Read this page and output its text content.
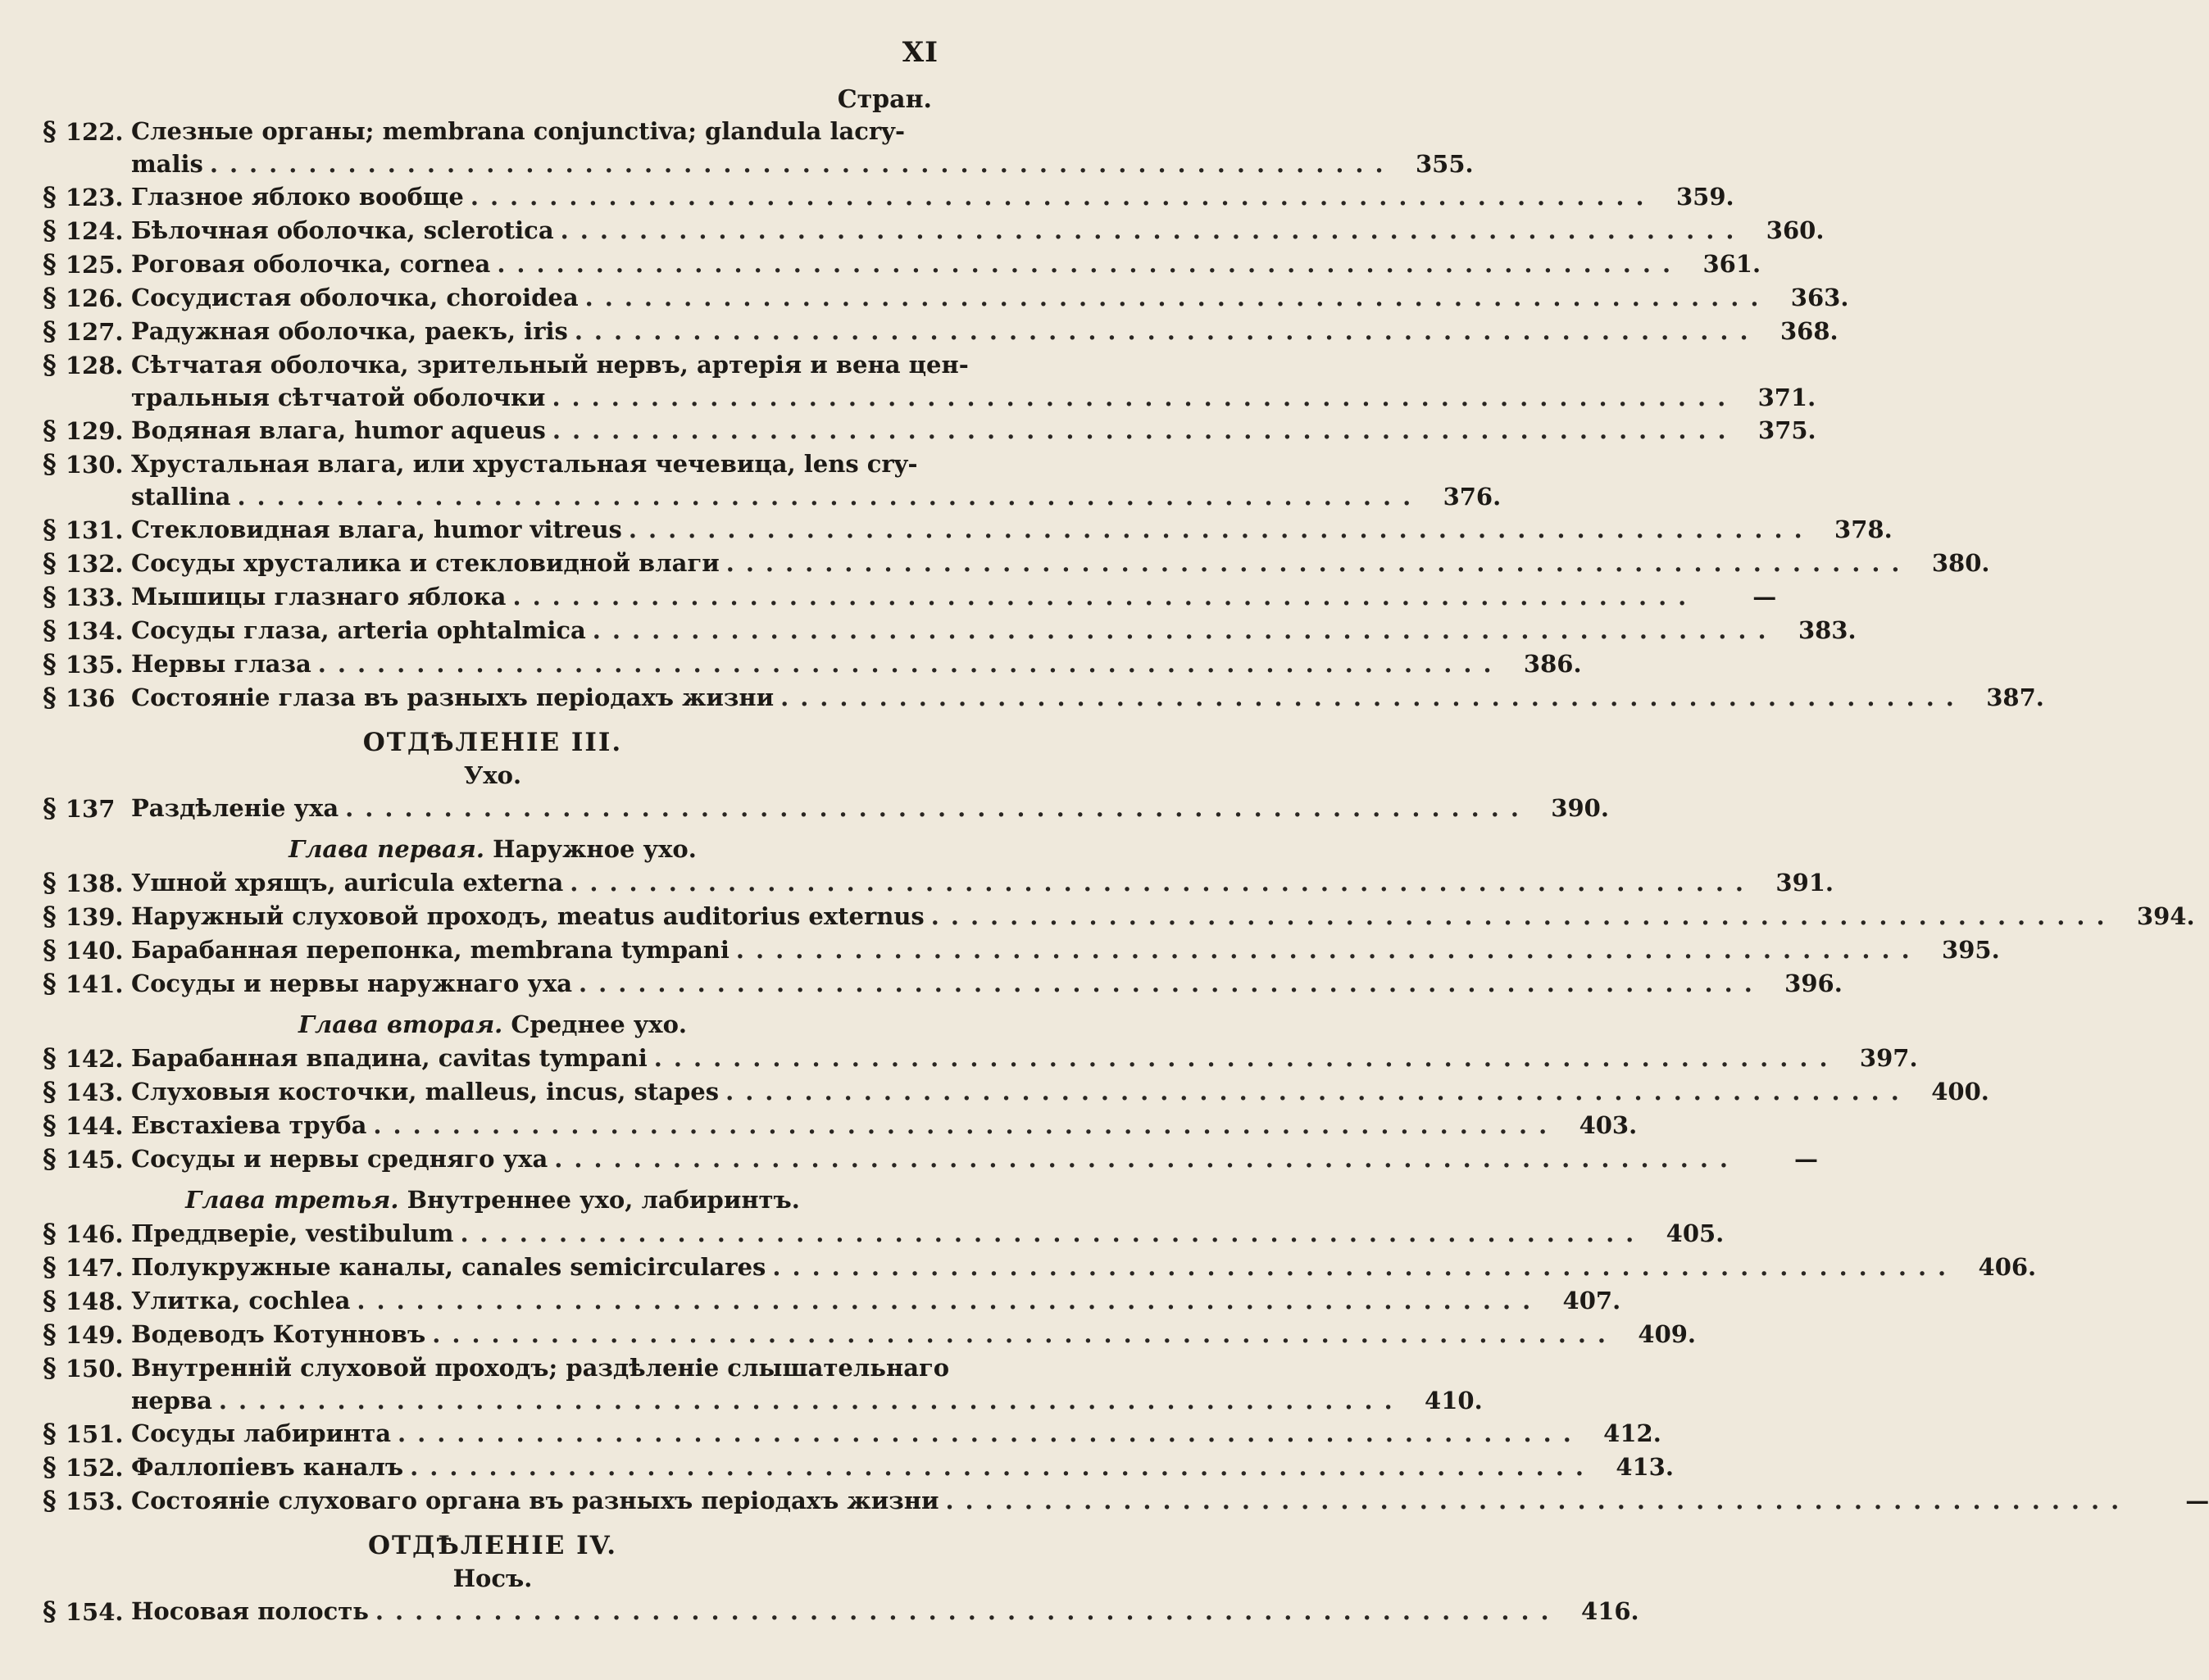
XI
Стран.
§ 122. Слезные органы; membrana conjunctiva; glandula lacry-
malis ............................................................ 355.
§ 123. Глазное яблоко вообще ............................................................ 359.
§ 124. Бѣлочная оболочка, sclerotica ............................................................ 360.
§ 125. Роговая оболочка, cornea ............................................................ 361.
§ 126. Сосудистая оболочка, choroidea ............................................................ 363.
§ 127. Радужная оболочка, раекъ, iris ............................................................ 368.
§ 128. Сѣтчатая оболочка, зрительный нервъ, артерія и вена цен-
тральныя сѣтчатой оболочки ............................................................ 371.
§ 129. Водяная влага, humor aqueus ............................................................ 375.
§ 130. Хрустальная влага, или хрустальная чечевица, lens cry-
stallina ............................................................ 376.
§ 131. Стекловидная влага, humor vitreus ............................................................ 378.
§ 132. Сосуды хрусталика и стекловидной влаги ............................................................ 380.
§ 133. Мышицы глазнаго яблока ............................................................	—
§ 134. Сосуды глаза, arteria ophtalmica ............................................................ 383.
§ 135. Нервы глаза ............................................................ 386.
§ 136 Состояніе глаза въ разныхъ періодахъ жизни ............................................................ 387.
ОТДѢЛЕНІЕ III.
Ухо.
§ 137 Раздѣленіе уха ............................................................ 390.
Глава первая. Наружное ухо.
§ 138. Ушной хрящъ, auricula externa ............................................................ 391.
§ 139. Наружный слуховой проходъ, meatus auditorius externus ............................................................ 394.
§ 140. Барабанная перепонка, membrana tympani ............................................................ 395.
§ 141. Сосуды и нервы наружнаго уха ............................................................ 396.
Глава вторая. Среднее ухо.
§ 142. Барабанная впадина, cavitas tympani ............................................................ 397.
§ 143. Слуховыя косточки, malleus, incus, stapes ............................................................ 400.
§ 144. Евстахіева труба ............................................................ 403.
§ 145. Сосуды и нервы средняго уха ............................................................	—
Глава третья. Внутреннее ухо, лабиринтъ.
§ 146. Преддверіе, vestibulum ............................................................ 405.
§ 147. Полукружные каналы, canales semicirculares ............................................................ 406.
§ 148. Улитка, cochlea ............................................................ 407.
§ 149. Водеводъ Котунновъ ............................................................ 409.
§ 150. Внутренній слуховой проходъ; раздѣленіе слышательнаго
нерва ............................................................ 410.
§ 151. Сосуды лабиринта ............................................................ 412.
§ 152. Фаллопіевъ каналъ ............................................................ 413.
§ 153. Состояніе слуховаго органа въ разныхъ періодахъ жизни ............................................................	—
ОТДѢЛЕНІЕ IV.
Носъ.
§ 154. Носовая полость ............................................................ 416.
